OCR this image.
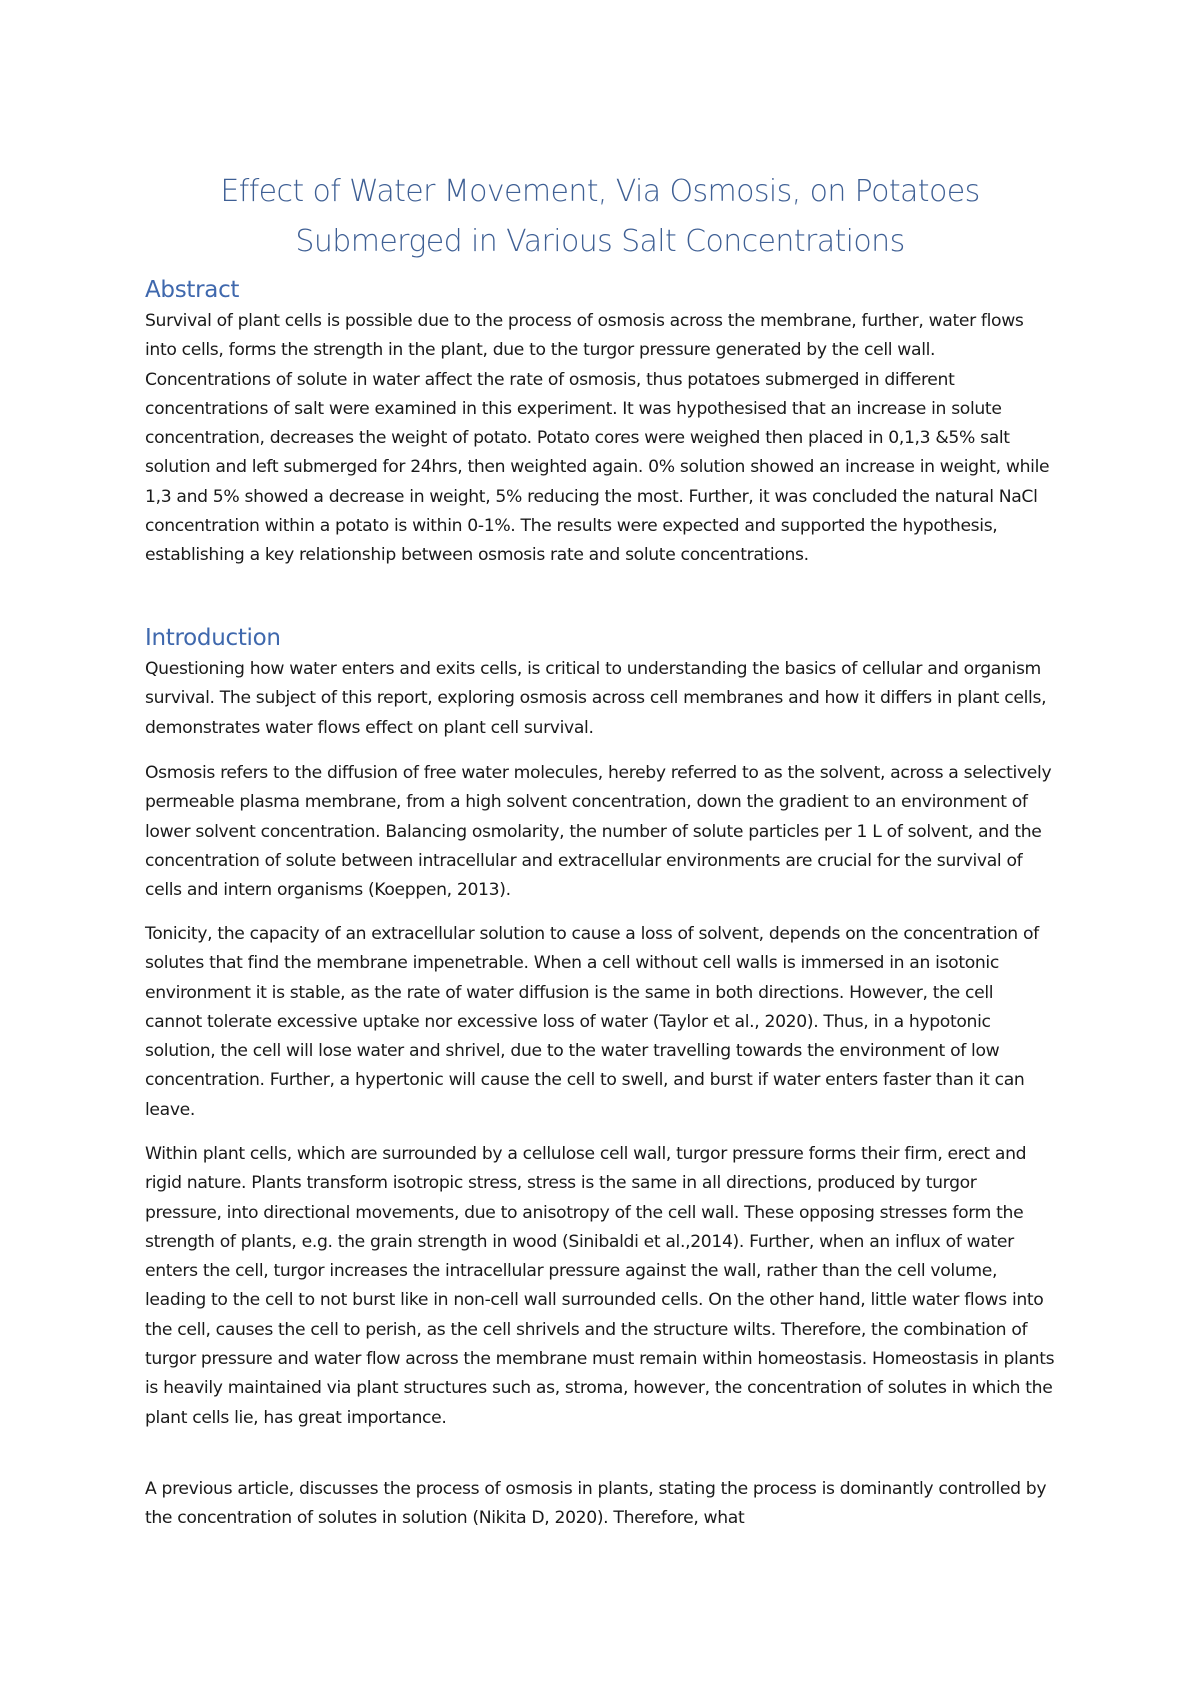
Effect of Water Movement, Via Osmosis, on Potatoes
Submerged in Various Salt Concentrations
Abstract

Survival of plant cells is possible due to the process of osmosis across the membrane, further, water flows into cells, forms the strength in the plant, due to the turgor pressure generated by the cell wall. Concentrations of solute in water affect the rate of osmosis, thus potatoes submerged in different concentrations of salt were examined in this experiment. It was hypothesised that an increase in solute concentration, decreases the weight of potato. Potato cores were weighed then placed in 0,1,3 &5% salt solution and left submerged for 24hrs, then weighted again. 0% solution showed an increase in weight, while 1,3 and 5% showed a decrease in weight, 5% reducing the most. Further, it was concluded the natural NaCl concentration within a potato is within 0-1%. The results were expected and supported the hypothesis, establishing a key relationship between osmosis rate and solute concentrations.

Introduction

Questioning how water enters and exits cells, is critical to understanding the basics of cellular and organism survival. The subject of this report, exploring osmosis across cell membranes and how it differs in plant cells, demonstrates water flows effect on plant cell survival.

Osmosis refers to the diffusion of free water molecules, hereby referred to as the solvent, across a selectively permeable plasma membrane, from a high solvent concentration, down the gradient to an environment of lower solvent concentration. Balancing osmolarity, the number of solute particles per 1 L of solvent, and the concentration of solute between intracellular and extracellular environments are crucial for the survival of cells and intern organisms (Koeppen, 2013).

Tonicity, the capacity of an extracellular solution to cause a loss of solvent, depends on the concentration of solutes that find the membrane impenetrable. When a cell without cell walls is immersed in an isotonic environment it is stable, as the rate of water diffusion is the same in both directions. However, the cell cannot tolerate excessive uptake nor excessive loss of water (Taylor et al., 2020). Thus, in a hypotonic solution, the cell will lose water and shrivel, due to the water travelling towards the environment of low concentration. Further, a hypertonic will cause the cell to swell, and burst if water enters faster than it can leave.

Within plant cells, which are surrounded by a cellulose cell wall, turgor pressure forms their firm, erect and rigid nature. Plants transform isotropic stress, stress is the same in all directions, produced by turgor pressure, into directional movements, due to anisotropy of the cell wall. These opposing stresses form the strength of plants, e.g. the grain strength in wood (Sinibaldi et al.,2014). Further, when an influx of water enters the cell, turgor increases the intracellular pressure against the wall, rather than the cell volume, leading to the cell to not burst like in non-cell wall surrounded cells. On the other hand, little water flows into the cell, causes the cell to perish, as the cell shrivels and the structure wilts. Therefore, the combination of turgor pressure and water flow across the membrane must remain within homeostasis. Homeostasis in plants is heavily maintained via plant structures such as, stroma, however, the concentration of solutes in which the plant cells lie, has great importance.

A previous article, discusses the process of osmosis in plants, stating the process is dominantly controlled by the concentration of solutes in solution (Nikita D, 2020). Therefore, what
